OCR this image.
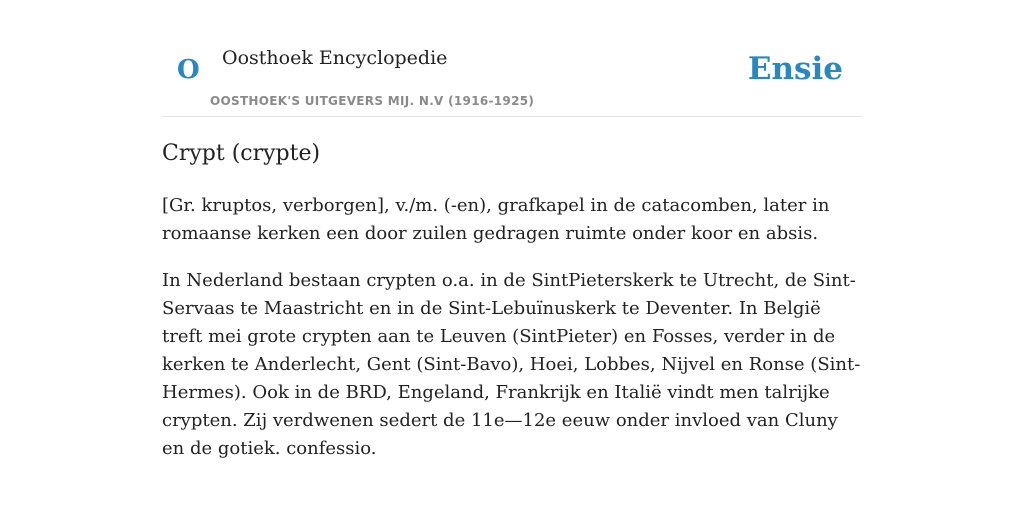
O Oosthoek Encyclopedie
OOSTHOEK'S UITGEVERS MIJ. N.V (1916-1925)
Ensie
Crypt (crypte)

[Gr. kruptos, verborgen], v./m. (-en), grafkapel in de catacomben, later in romaanse kerken een door zuilen gedragen ruimte onder koor en absis.

In Nederland bestaan crypten o.a. in de SintPieterskerk te Utrecht, de Sint-Servaas te Maastricht en in de Sint-Lebuïnuskerk te Deventer. In België treft mei grote crypten aan te Leuven (SintPieter) en Fosses, verder in de kerken te Anderlecht, Gent (Sint-Bavo), Hoei, Lobbes, Nijvel en Ronse (Sint-Hermes). Ook in de BRD, Engeland, Frankrijk en Italië vindt men talrijke crypten. Zij verdwenen sedert de 11e—12e eeuw onder invloed van Cluny en de gotiek. confessio.
